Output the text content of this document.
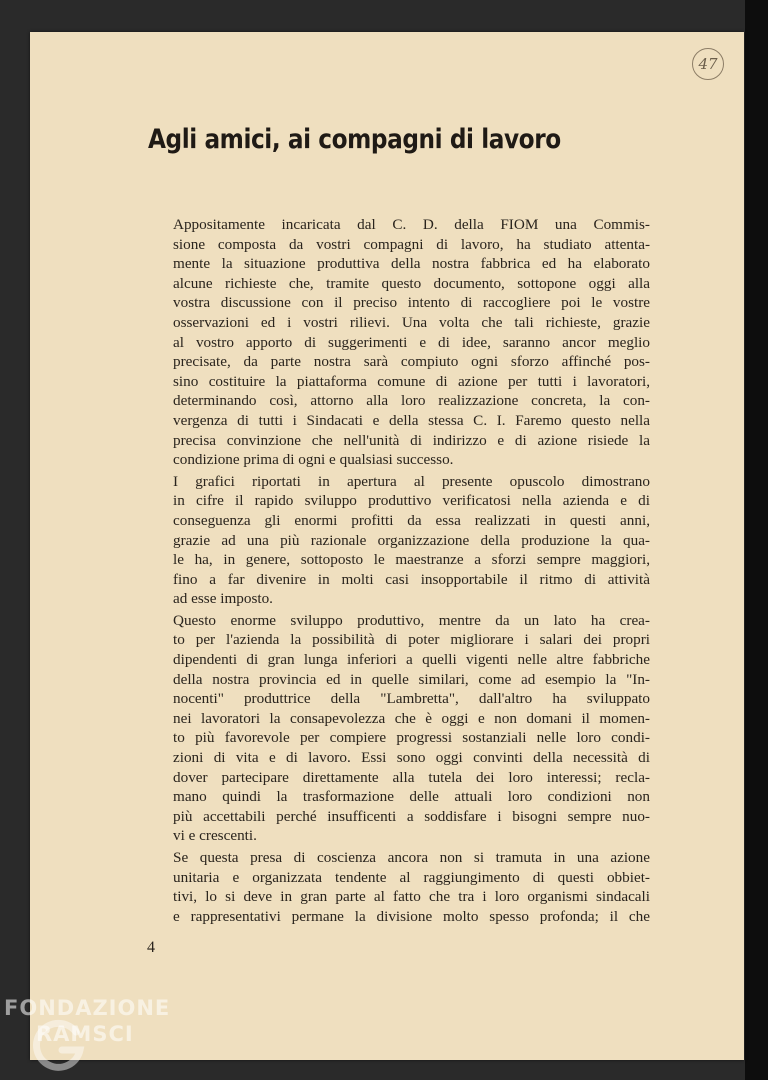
47
Agli amici, ai compagni di lavoro

Appositamente incaricata dal C. D. della FIOM una Commis-
sione composta da vostri compagni di lavoro, ha studiato attenta-
mente la situazione produttiva della nostra fabbrica ed ha elaborato
alcune richieste che, tramite questo documento, sottopone oggi alla
vostra discussione con il preciso intento di raccogliere poi le vostre
osservazioni ed i vostri rilievi. Una volta che tali richieste, grazie
al vostro apporto di suggerimenti e di idee, saranno ancor meglio
precisate, da parte nostra sarà compiuto ogni sforzo affinché pos-
sino costituire la piattaforma comune di azione per tutti i lavoratori,
determinando così, attorno alla loro realizzazione concreta, la con-
vergenza di tutti i Sindacati e della stessa C. I. Faremo questo nella
precisa convinzione che nell'unità di indirizzo e di azione risiede la
condizione prima di ogni e qualsiasi successo.

I grafici riportati in apertura al presente opuscolo dimostrano
in cifre il rapido sviluppo produttivo verificatosi nella azienda e di
conseguenza gli enormi profitti da essa realizzati in questi anni,
grazie ad una più razionale organizzazione della produzione la qua-
le ha, in genere, sottoposto le maestranze a sforzi sempre maggiori,
fino a far divenire in molti casi insopportabile il ritmo di attività
ad esse imposto.

Questo enorme sviluppo produttivo, mentre da un lato ha crea-
to per l'azienda la possibilità di poter migliorare i salari dei propri
dipendenti di gran lunga inferiori a quelli vigenti nelle altre fabbriche
della nostra provincia ed in quelle similari, come ad esempio la "In-
nocenti" produttrice della "Lambretta", dall'altro ha sviluppato
nei lavoratori la consapevolezza che è oggi e non domani il momen-
to più favorevole per compiere progressi sostanziali nelle loro condi-
zioni di vita e di lavoro. Essi sono oggi convinti della necessità di
dover partecipare direttamente alla tutela dei loro interessi; recla-
mano quindi la trasformazione delle attuali loro condizioni non
più accettabili perché insufficenti a soddisfare i bisogni sempre nuo-
vi e crescenti.

Se questa presa di coscienza ancora non si tramuta in una azione
unitaria e organizzata tendente al raggiungimento di questi obbiet-
tivi, lo si deve in gran parte al fatto che tra i loro organismi sindacali
e rappresentativi permane la divisione molto spesso profonda; il che

4
FONDAZIONE
RAMSCI
